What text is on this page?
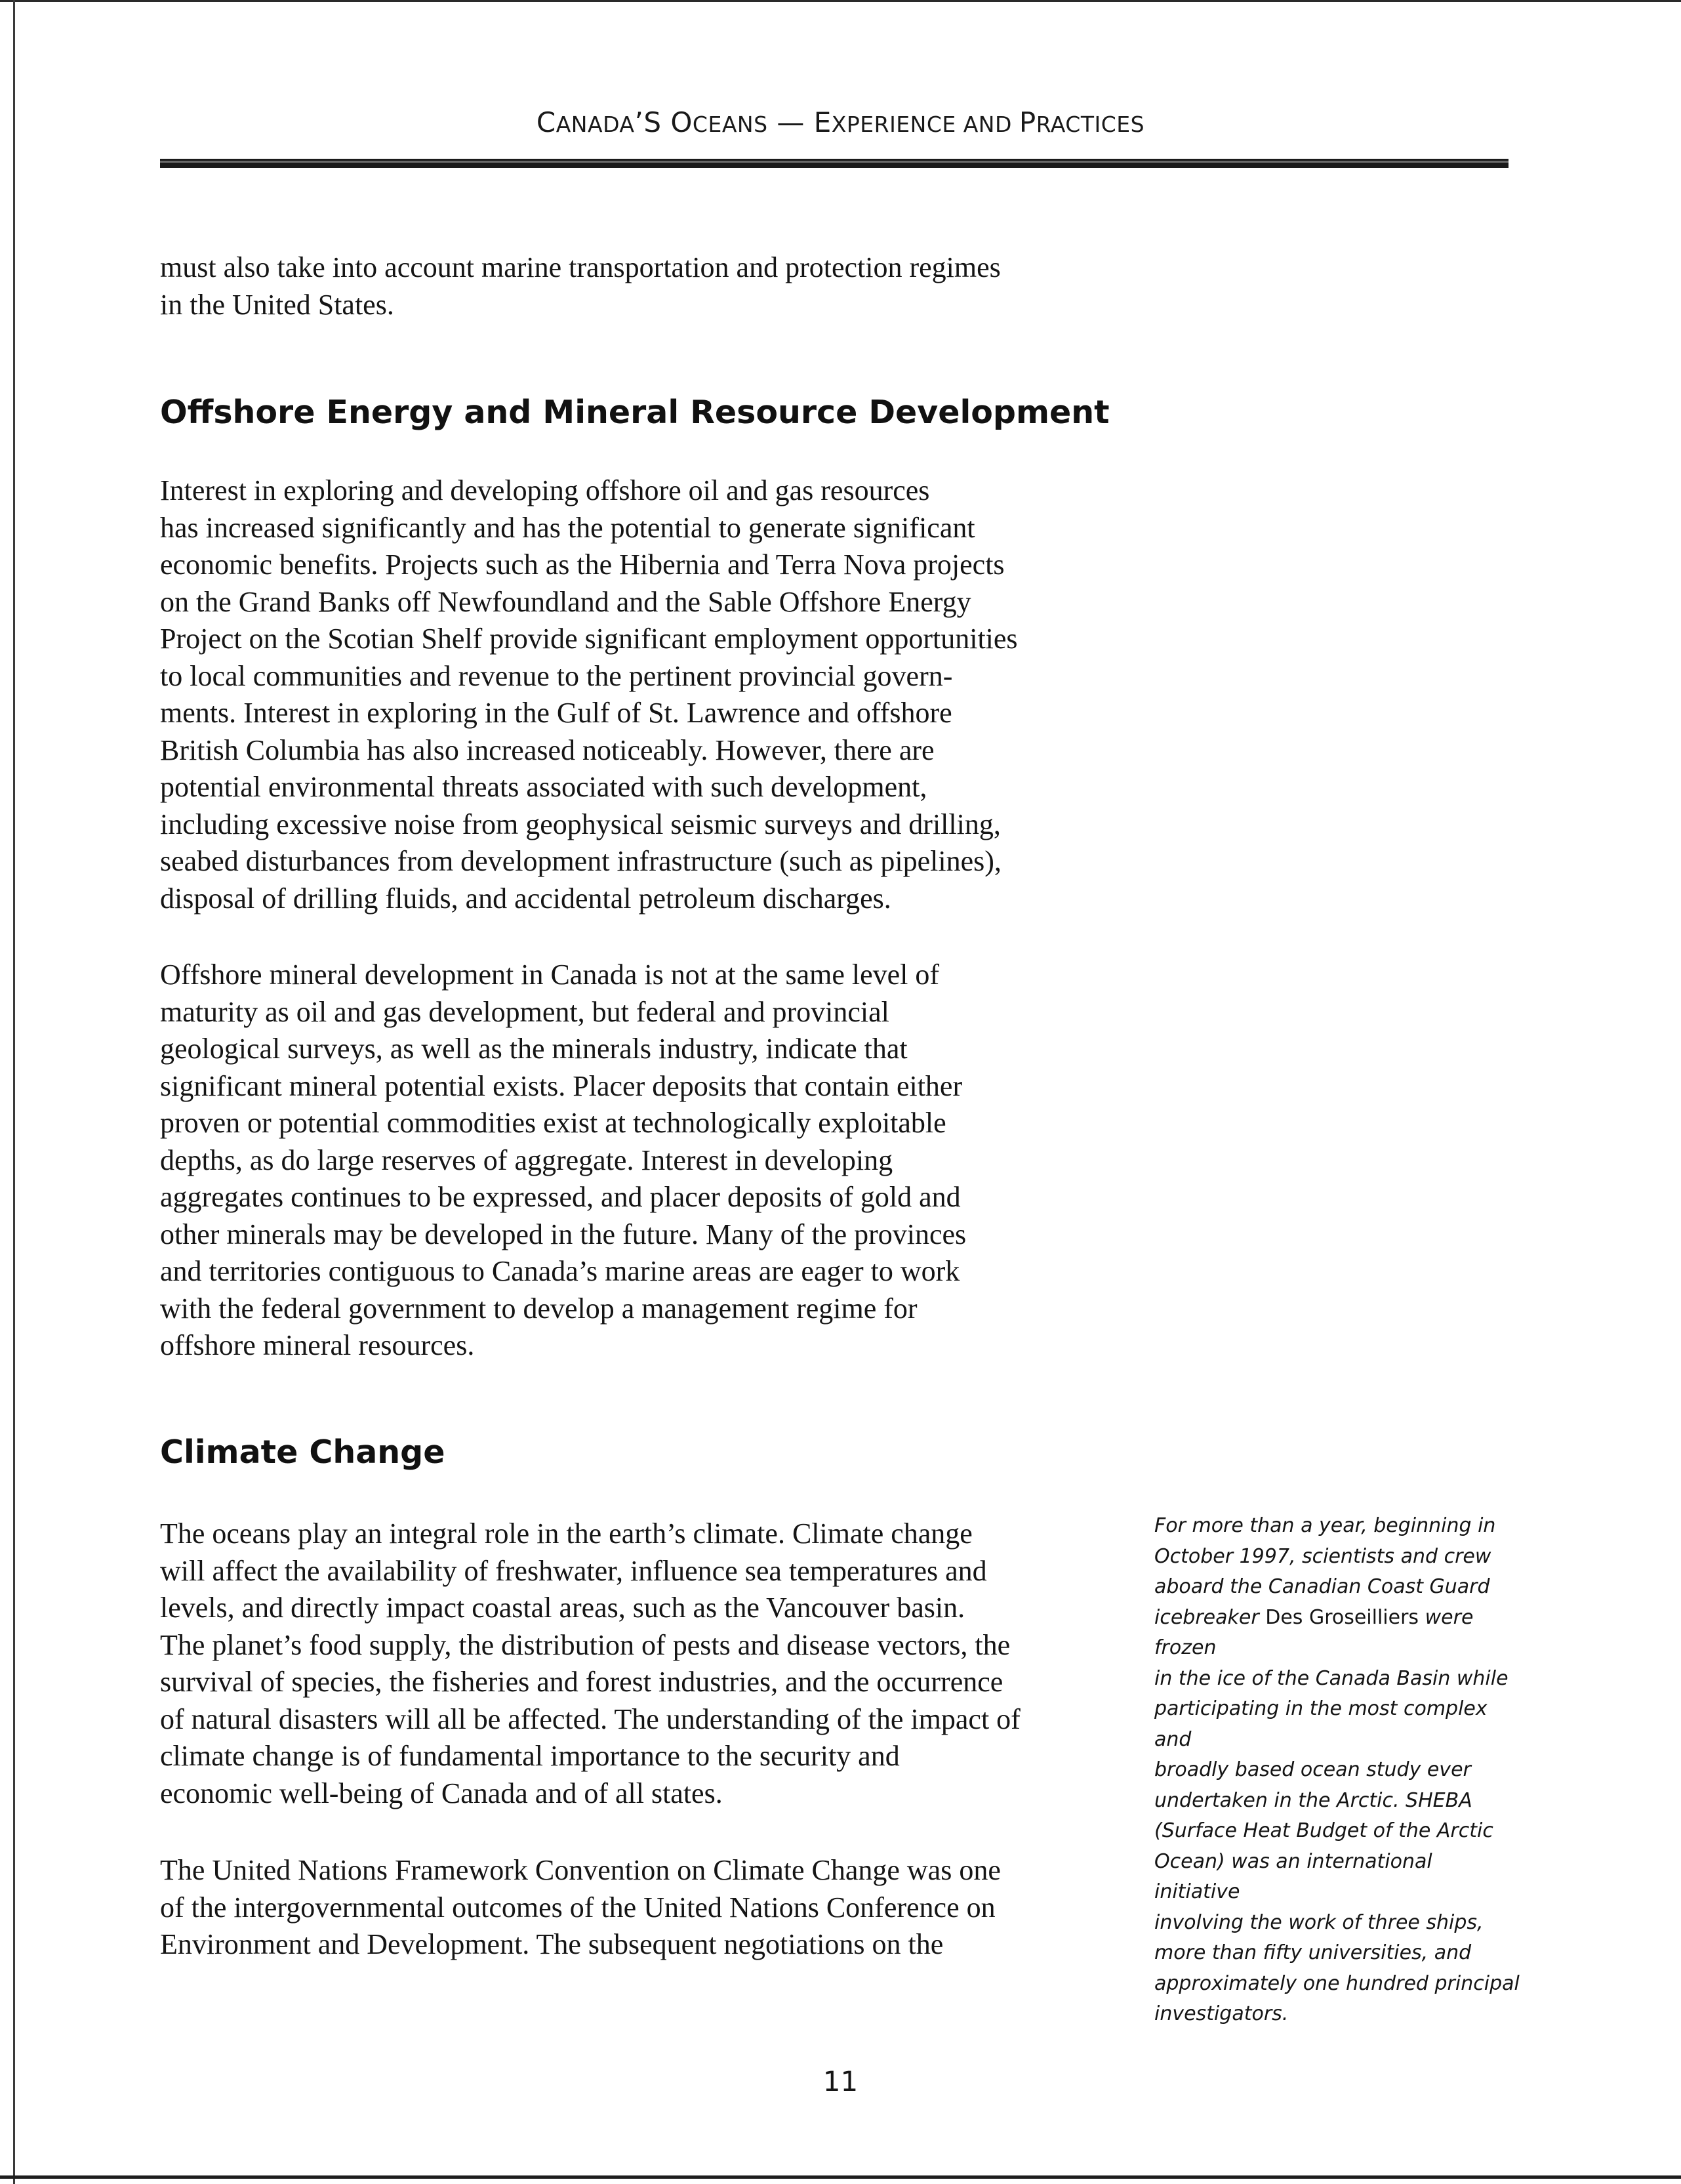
CANADA’S OCEANS — EXPERIENCE AND PRACTICES

must also take into account marine transportation and protection regimes
in the United States.

Offshore Energy and Mineral Resource Development

Interest in exploring and developing offshore oil and gas resources
has increased significantly and has the potential to generate significant
economic benefits. Projects such as the Hibernia and Terra Nova projects
on the Grand Banks off Newfoundland and the Sable Offshore Energy
Project on the Scotian Shelf provide significant employment opportunities
to local communities and revenue to the pertinent provincial govern-
ments. Interest in exploring in the Gulf of St. Lawrence and offshore
British Columbia has also increased noticeably. However, there are
potential environmental threats associated with such development,
including excessive noise from geophysical seismic surveys and drilling,
seabed disturbances from development infrastructure (such as pipelines),
disposal of drilling fluids, and accidental petroleum discharges.

Offshore mineral development in Canada is not at the same level of
maturity as oil and gas development, but federal and provincial
geological surveys, as well as the minerals industry, indicate that
significant mineral potential exists. Placer deposits that contain either
proven or potential commodities exist at technologically exploitable
depths, as do large reserves of aggregate. Interest in developing
aggregates continues to be expressed, and placer deposits of gold and
other minerals may be developed in the future. Many of the provinces
and territories contiguous to Canada’s marine areas are eager to work
with the federal government to develop a management regime for
offshore mineral resources.

Climate Change

The oceans play an integral role in the earth’s climate. Climate change
will affect the availability of freshwater, influence sea temperatures and
levels, and directly impact coastal areas, such as the Vancouver basin.
The planet’s food supply, the distribution of pests and disease vectors, the
survival of species, the fisheries and forest industries, and the occurrence
of natural disasters will all be affected. The understanding of the impact of
climate change is of fundamental importance to the security and
economic well-being of Canada and of all states.

The United Nations Framework Convention on Climate Change was one
of the intergovernmental outcomes of the United Nations Conference on
Environment and Development. The subsequent negotiations on the

For more than a year, beginning in
October 1997, scientists and crew
aboard the Canadian Coast Guard
icebreaker Des Groseilliers were frozen
in the ice of the Canada Basin while
participating in the most complex and
broadly based ocean study ever
undertaken in the Arctic. SHEBA
(Surface Heat Budget of the Arctic
Ocean) was an international initiative
involving the work of three ships,
more than fifty universities, and
approximately one hundred principal
investigators.

11
